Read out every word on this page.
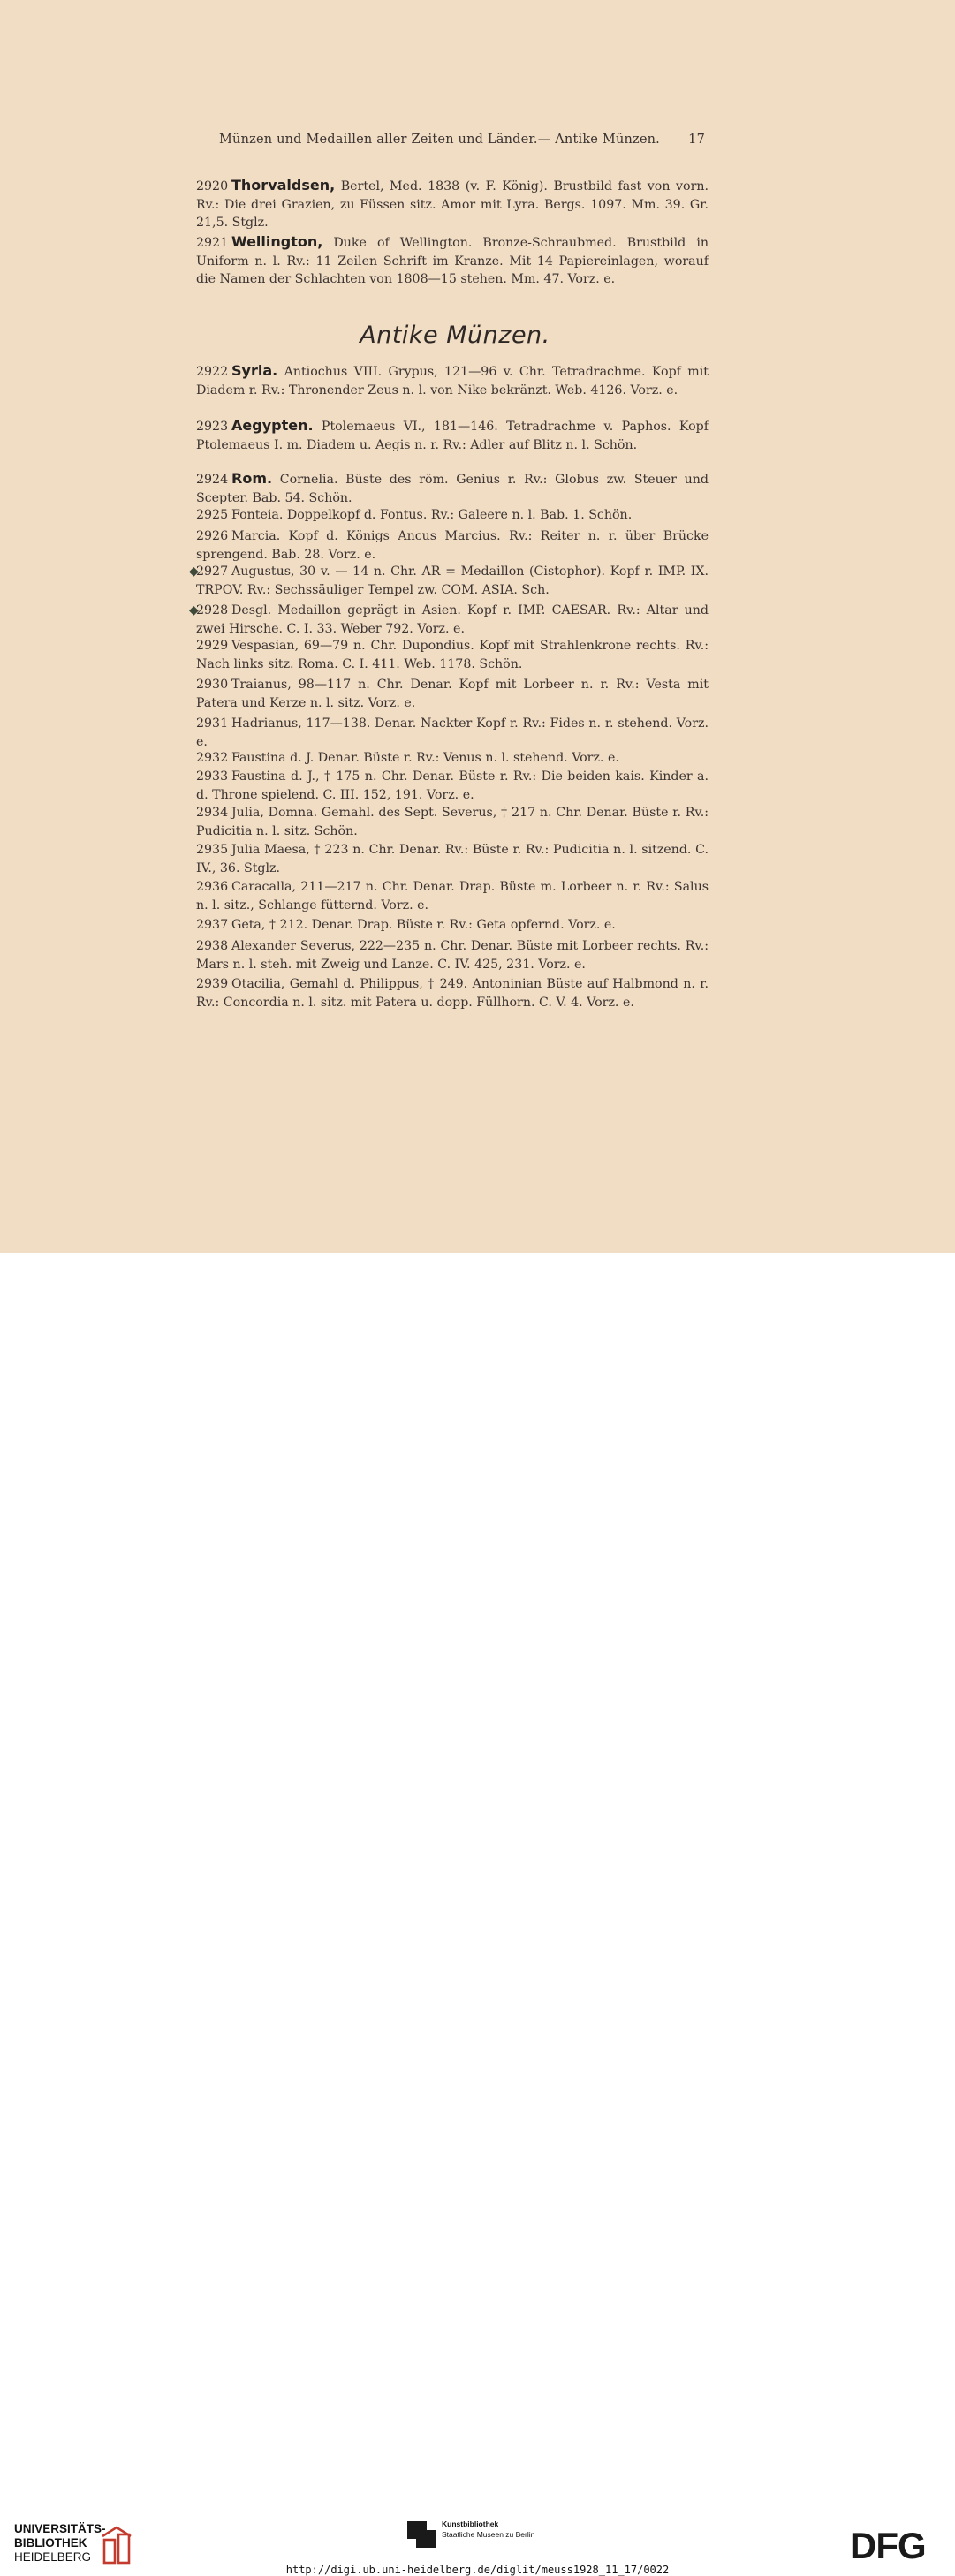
Münzen und Medaillen aller Zeiten und Länder.— Antike Münzen. 17
2920 Thorvaldsen, Bertel, Med. 1838 (v. F. König). Brustbild fast von vorn. Rv.: Die drei Grazien, zu Füssen sitz. Amor mit Lyra. Bergs. 1097. Mm. 39. Gr. 21,5. Stglz.
2921 Wellington, Duke of Wellington. Bronze-Schraubmed. Brustbild in Uniform n. l. Rv.: 11 Zeilen Schrift im Kranze. Mit 14 Papiereinlagen, worauf die Namen der Schlachten von 1808—15 stehen. Mm. 47. Vorz. e.
Antike Münzen.
2922 Syria. Antiochus VIII. Grypus, 121—96 v. Chr. Tetradrachme. Kopf mit Diadem r. Rv.: Thronender Zeus n. l. von Nike bekränzt. Web. 4126. Vorz. e.
2923 Aegypten. Ptolemaeus VI., 181—146. Tetradrachme v. Paphos. Kopf Ptolemaeus I. m. Diadem u. Aegis n. r. Rv.: Adler auf Blitz n. l. Schön.
2924 Rom. Cornelia. Büste des röm. Genius r. Rv.: Globus zw. Steuer und Scepter. Bab. 54. Schön.
2925 Fonteia. Doppelkopf d. Fontus. Rv.: Galeere n. l. Bab. 1. Schön.
2926 Marcia. Kopf d. Königs Ancus Marcius. Rv.: Reiter n. r. über Brücke sprengend. Bab. 28. Vorz. e.
◆
2927 Augustus, 30 v. — 14 n. Chr. AR = Medaillon (Cistophor). Kopf r. IMP. IX. TRPOV. Rv.: Sechssäuliger Tempel zw. COM. ASIA. Sch.
◆
2928 Desgl. Medaillon geprägt in Asien. Kopf r. IMP. CAESAR. Rv.: Altar und zwei Hirsche. C. I. 33. Weber 792. Vorz. e.
2929 Vespasian, 69—79 n. Chr. Dupondius. Kopf mit Strahlenkrone rechts. Rv.: Nach links sitz. Roma. C. I. 411. Web. 1178. Schön.
2930 Traianus, 98—117 n. Chr. Denar. Kopf mit Lorbeer n. r. Rv.: Vesta mit Patera und Kerze n. l. sitz. Vorz. e.
2931 Hadrianus, 117—138. Denar. Nackter Kopf r. Rv.: Fides n. r. stehend. Vorz. e.
2932 Faustina d. J. Denar. Büste r. Rv.: Venus n. l. stehend. Vorz. e.
2933 Faustina d. J., † 175 n. Chr. Denar. Büste r. Rv.: Die beiden kais. Kinder a. d. Throne spielend. C. III. 152, 191. Vorz. e.
2934 Julia, Domna. Gemahl. des Sept. Severus, † 217 n. Chr. Denar. Büste r. Rv.: Pudicitia n. l. sitz. Schön.
2935 Julia Maesa, † 223 n. Chr. Denar. Rv.: Büste r. Rv.: Pudicitia n. l. sitzend. C. IV., 36. Stglz.
2936 Caracalla, 211—217 n. Chr. Denar. Drap. Büste m. Lorbeer n. r. Rv.: Salus n. l. sitz., Schlange fütternd. Vorz. e.
2937 Geta, † 212. Denar. Drap. Büste r. Rv.: Geta opfernd. Vorz. e.
2938 Alexander Severus, 222—235 n. Chr. Denar. Büste mit Lorbeer rechts. Rv.: Mars n. l. steh. mit Zweig und Lanze. C. IV. 425, 231. Vorz. e.
2939 Otacilia, Gemahl d. Philippus, † 249. Antoninian Büste auf Halbmond n. r. Rv.: Concordia n. l. sitz. mit Patera u. dopp. Füllhorn. C. V. 4. Vorz. e.
UNIVERSITÄTS-
BIBLIOTHEK
HEIDELBERG
Kunstbibliothek
Staatliche Museen zu Berlin	DFG
http://digi.ub.uni-heidelberg.de/diglit/meuss1928_11_17/0022
